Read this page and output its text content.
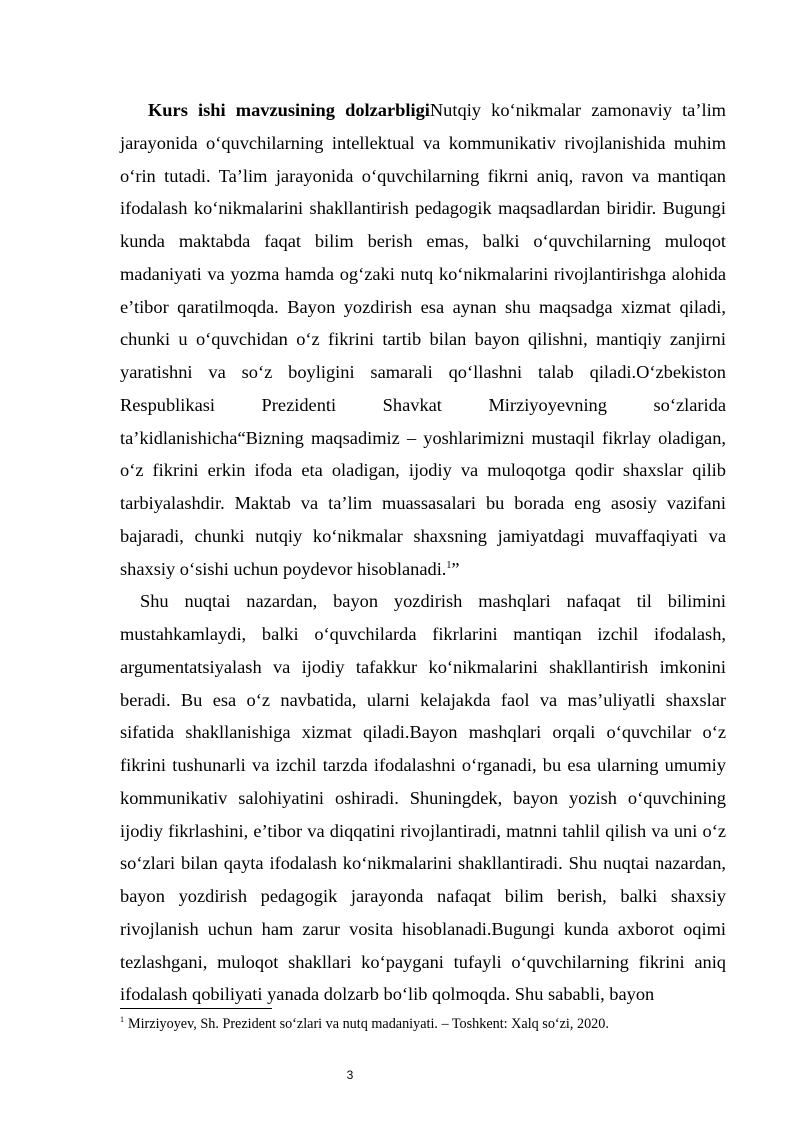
Kurs ishi mavzusining dolzarbligiNutqiy ko‘nikmalar zamonaviy ta’lim jarayonida o‘quvchilarning intellektual va kommunikativ rivojlanishida muhim o‘rin tutadi. Ta’lim jarayonida o‘quvchilarning fikrni aniq, ravon va mantiqan ifodalash ko‘nikmalarini shakllantirish pedagogik maqsadlardan biridir. Bugungi kunda maktabda faqat bilim berish emas, balki o‘quvchilarning muloqot madaniyati va yozma hamda og‘zaki nutq ko‘nikmalarini rivojlantirishga alohida e’tibor qaratilmoqda. Bayon yozdirish esa aynan shu maqsadga xizmat qiladi, chunki u o‘quvchidan o‘z fikrini tartib bilan bayon qilishni, mantiqiy zanjirni yaratishni va so‘z boyligini samarali qo‘llashni talab qiladi.O‘zbekiston Respublikasi Prezidenti Shavkat Mirziyoyevning so‘zlarida ta’kidlanishicha“Bizning maqsadimiz – yoshlarimizni mustaqil fikrlay oladigan, o‘z fikrini erkin ifoda eta oladigan, ijodiy va muloqotga qodir shaxslar qilib tarbiyalashdir. Maktab va ta’lim muassasalari bu borada eng asosiy vazifani bajaradi, chunki nutqiy ko‘nikmalar shaxsning jamiyatdagi muvaffaqiyati va shaxsiy o‘sishi uchun poydevor hisoblanadi.$^1$”

Shu nuqtai nazardan, bayon yozdirish mashqlari nafaqat til bilimini mustahkamlaydi, balki o‘quvchilarda fikrlarini mantiqan izchil ifodalash, argumentatsiyalash va ijodiy tafakkur ko‘nikmalarini shakllantirish imkonini beradi. Bu esa o‘z navbatida, ularni kelajakda faol va mas’uliyatli shaxslar sifatida shakllanishiga xizmat qiladi.Bayon mashqlari orqali o‘quvchilar o‘z fikrini tushunarli va izchil tarzda ifodalashni o‘rganadi, bu esa ularning umumiy kommunikativ salohiyatini oshiradi. Shuningdek, bayon yozish o‘quvchining ijodiy fikrlashini, e’tibor va diqqatini rivojlantiradi, matnni tahlil qilish va uni o‘z so‘zlari bilan qayta ifodalash ko‘nikmalarini shakllantiradi. Shu nuqtai nazardan, bayon yozdirish pedagogik jarayonda nafaqat bilim berish, balki shaxsiy rivojlanish uchun ham zarur vosita hisoblanadi.Bugungi kunda axborot oqimi tezlashgani, muloqot shakllari ko‘paygani tufayli o‘quvchilarning fikrini aniq ifodalash qobiliyati yanada dolzarb bo‘lib qolmoqda. Shu sababli, bayon

$^1$ Mirziyoyev, Sh. Prezident so‘zlari va nutq madaniyati. – Toshkent: Xalq so‘zi, 2020.
3
